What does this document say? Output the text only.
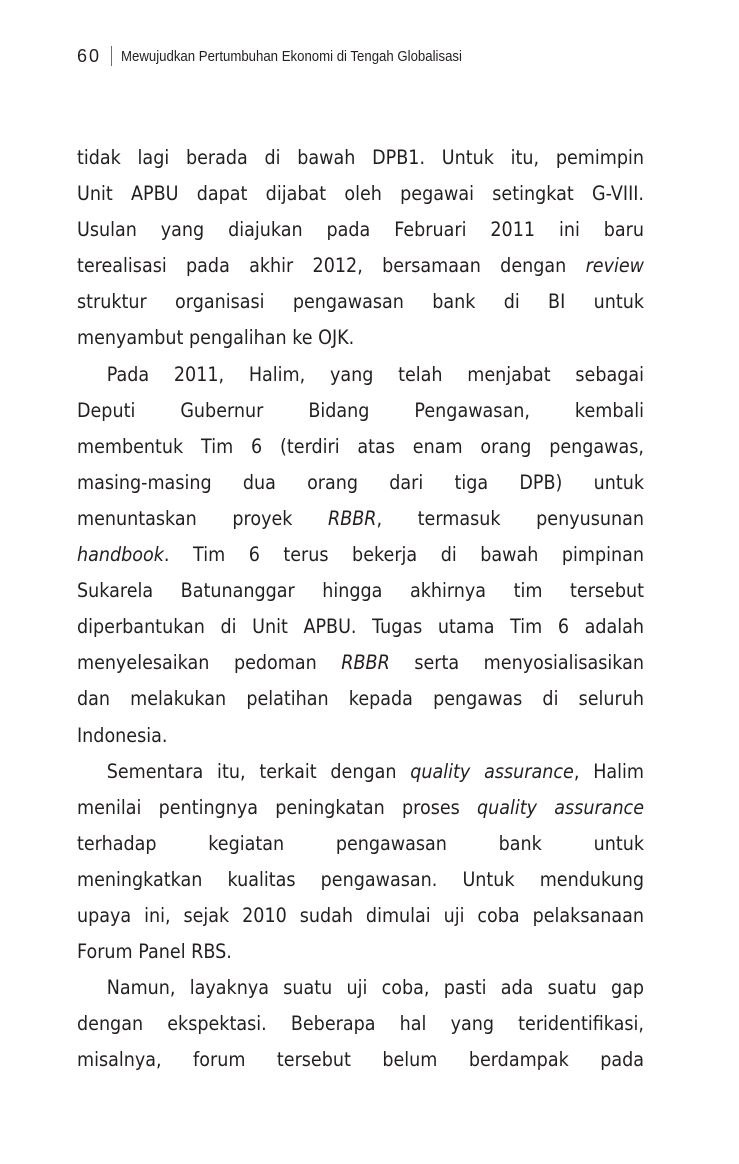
60 Mewujudkan Pertumbuhan Ekonomi di Tengah Globalisasi
tidak lagi berada di bawah DPB1. Untuk itu, pemimpin
Unit APBU dapat dijabat oleh pegawai setingkat G-VIII.
Usulan yang diajukan pada Februari 2011 ini baru
terealisasi pada akhir 2012, bersamaan dengan review
struktur organisasi pengawasan bank di BI untuk
menyambut pengalihan ke OJK.
Pada 2011, Halim, yang telah menjabat sebagai
Deputi Gubernur Bidang Pengawasan, kembali
membentuk Tim 6 (terdiri atas enam orang pengawas,
masing-masing dua orang dari tiga DPB) untuk
menuntaskan proyek RBBR, termasuk penyusunan
handbook. Tim 6 terus bekerja di bawah pimpinan
Sukarela Batunanggar hingga akhirnya tim tersebut
diperbantukan di Unit APBU. Tugas utama Tim 6 adalah
menyelesaikan pedoman RBBR serta menyosialisasikan
dan melakukan pelatihan kepada pengawas di seluruh
Indonesia.
Sementara itu, terkait dengan quality assurance, Halim
menilai pentingnya peningkatan proses quality assurance
terhadap kegiatan pengawasan bank untuk
meningkatkan kualitas pengawasan. Untuk mendukung
upaya ini, sejak 2010 sudah dimulai uji coba pelaksanaan
Forum Panel RBS.
Namun, layaknya suatu uji coba, pasti ada suatu gap
dengan ekspektasi. Beberapa hal yang teridentifikasi,
misalnya, forum tersebut belum berdampak pada
